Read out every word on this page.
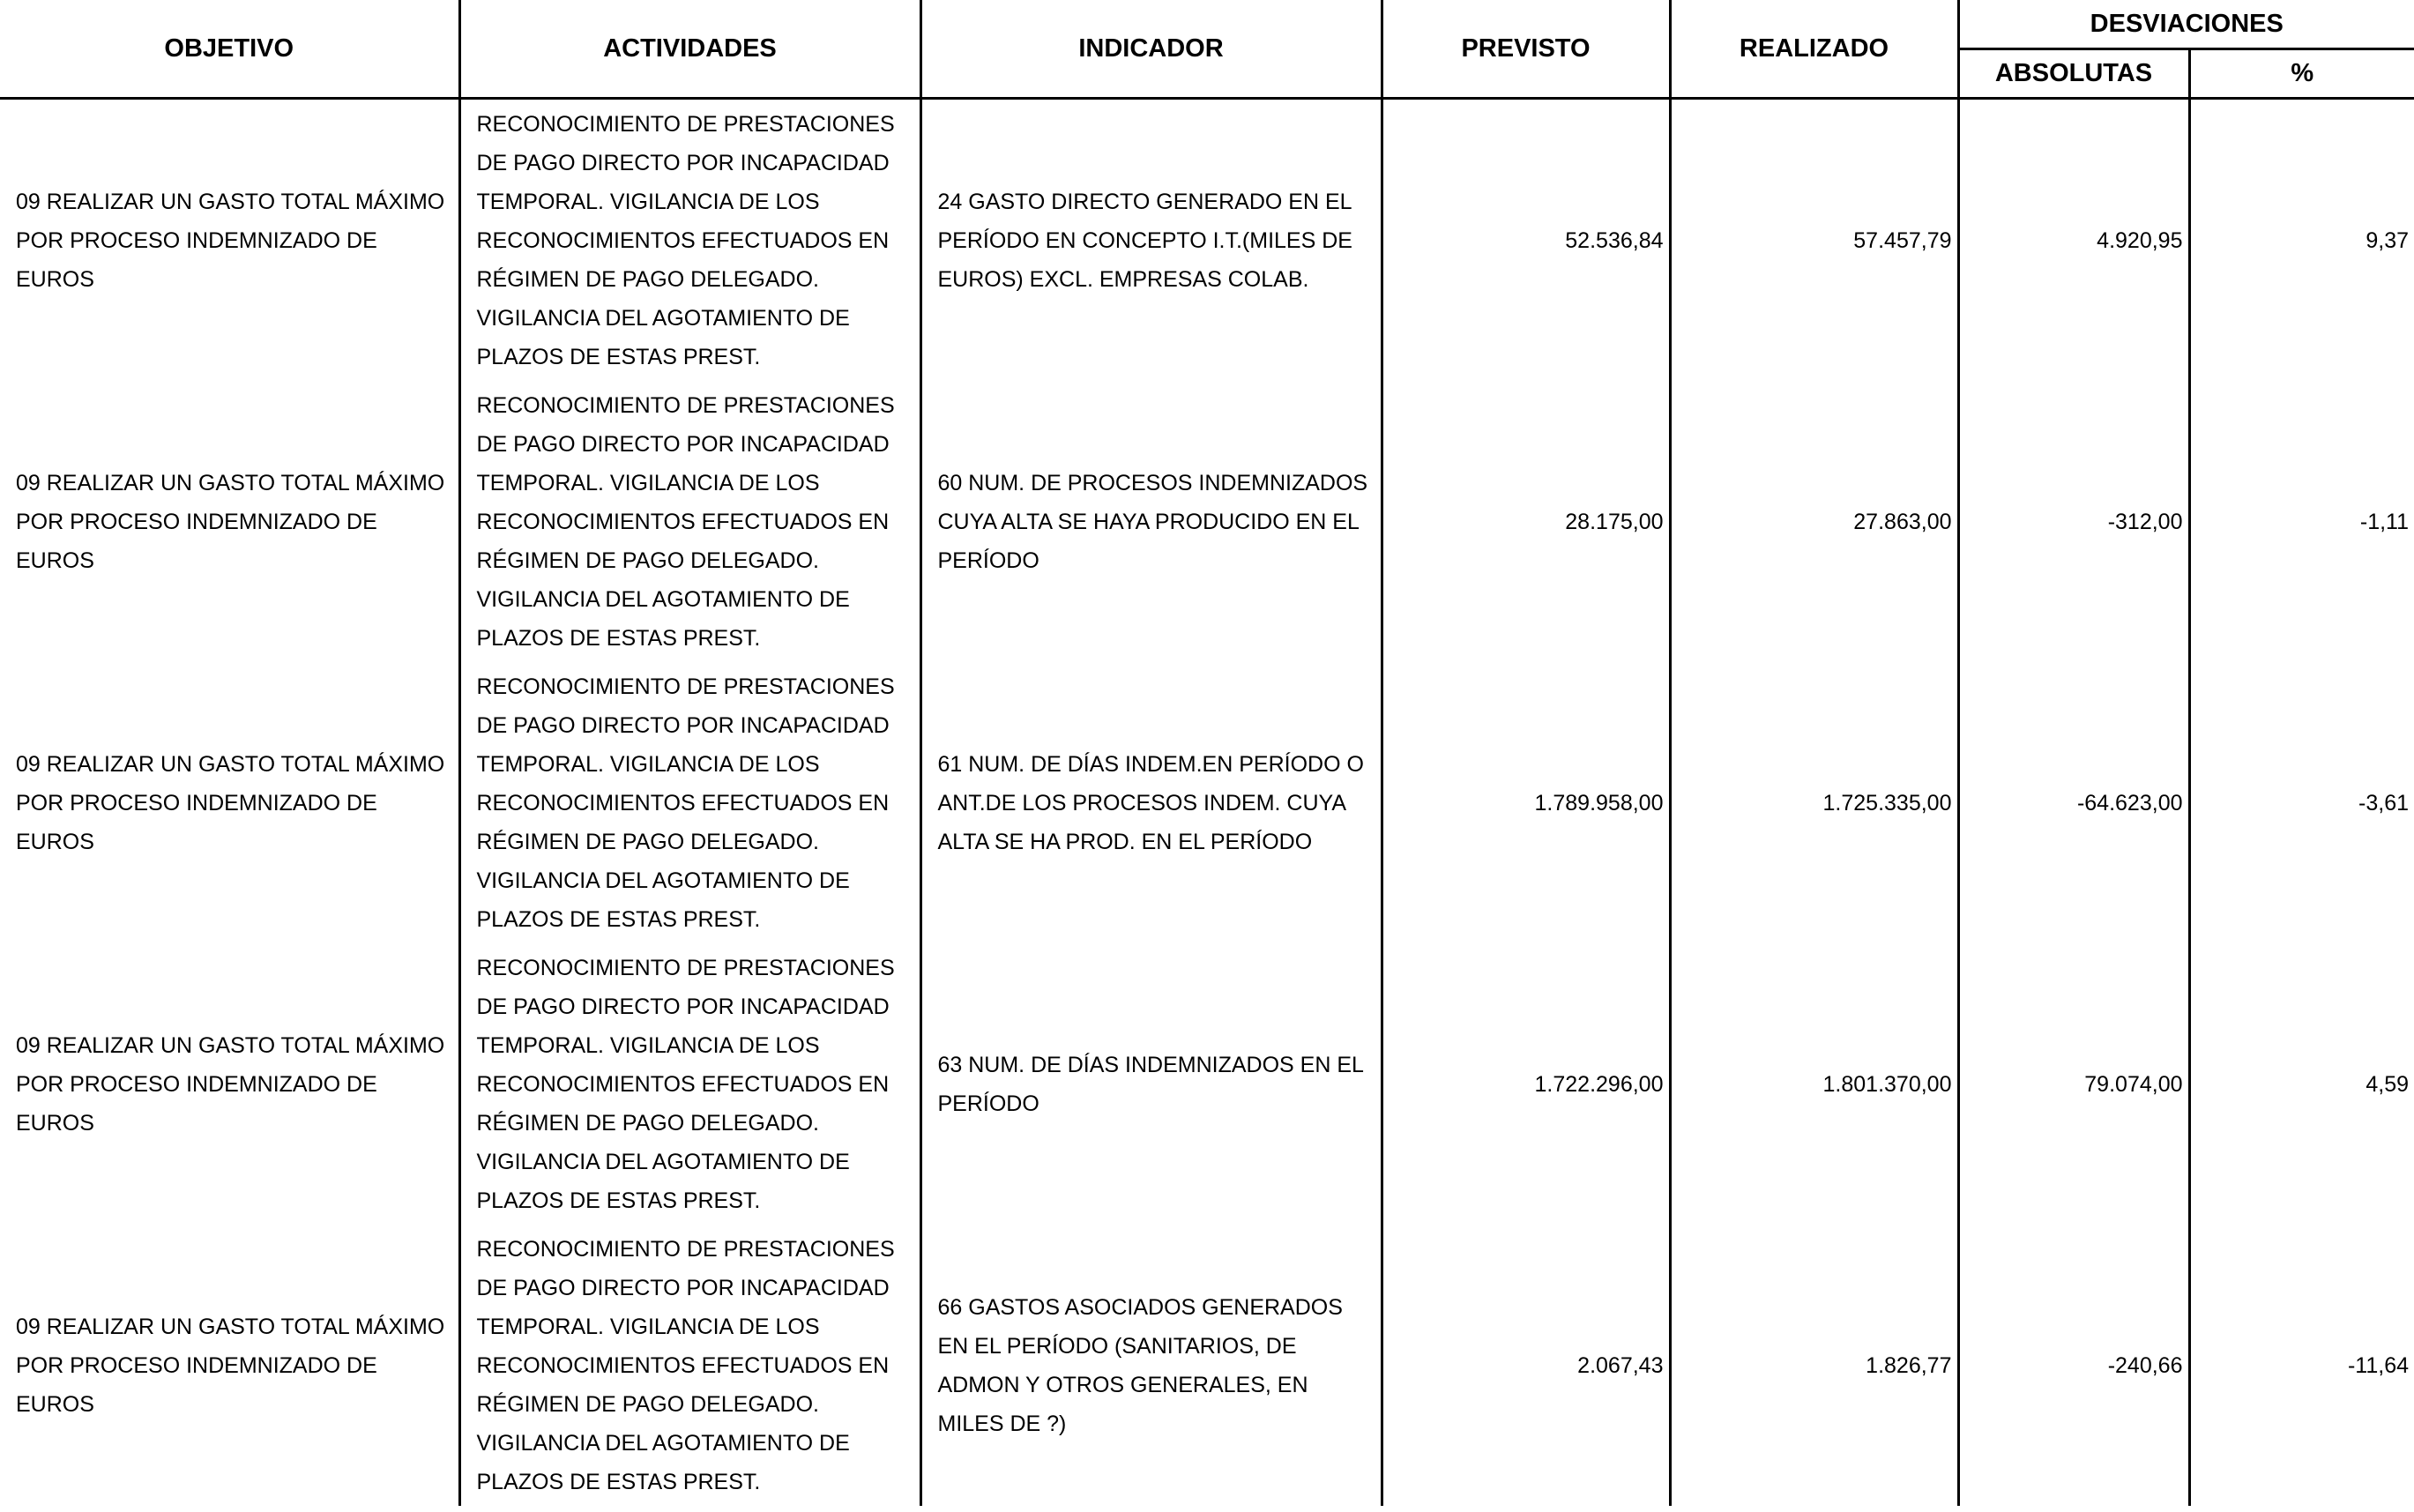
OBJETIVO	ACTIVIDADES	INDICADOR	PREVISTO	REALIZADO	DESVIACIONES	
					ABSOLUTAS	%

09 REALIZAR UN GASTO TOTAL MÁXIMO POR PROCESO INDEMNIZADO DE EUROS	RECONOCIMIENTO DE PRESTACIONES DE PAGO DIRECTO POR INCAPACIDAD TEMPORAL. VIGILANCIA DE LOS RECONOCIMIENTOS EFECTUADOS EN RÉGIMEN DE PAGO DELEGADO. VIGILANCIA DEL AGOTAMIENTO DE PLAZOS DE ESTAS PREST.	24 GASTO DIRECTO GENERADO EN EL PERÍODO EN CONCEPTO I.T.(MILES DE EUROS) EXCL. EMPRESAS COLAB.	52.536,84	57.457,79	4.920,95	9,37

09 REALIZAR UN GASTO TOTAL MÁXIMO POR PROCESO INDEMNIZADO DE EUROS	RECONOCIMIENTO DE PRESTACIONES DE PAGO DIRECTO POR INCAPACIDAD TEMPORAL. VIGILANCIA DE LOS RECONOCIMIENTOS EFECTUADOS EN RÉGIMEN DE PAGO DELEGADO. VIGILANCIA DEL AGOTAMIENTO DE PLAZOS DE ESTAS PREST.	60 NUM. DE PROCESOS INDEMNIZADOS CUYA ALTA SE HAYA PRODUCIDO EN EL PERÍODO	28.175,00	27.863,00	-312,00	-1,11

09 REALIZAR UN GASTO TOTAL MÁXIMO POR PROCESO INDEMNIZADO DE EUROS	RECONOCIMIENTO DE PRESTACIONES DE PAGO DIRECTO POR INCAPACIDAD TEMPORAL. VIGILANCIA DE LOS RECONOCIMIENTOS EFECTUADOS EN RÉGIMEN DE PAGO DELEGADO. VIGILANCIA DEL AGOTAMIENTO DE PLAZOS DE ESTAS PREST.	61 NUM. DE DÍAS INDEM.EN PERÍODO O ANT.DE LOS PROCESOS INDEM. CUYA ALTA SE HA PROD. EN EL PERÍODO	1.789.958,00	1.725.335,00	-64.623,00	-3,61

09 REALIZAR UN GASTO TOTAL MÁXIMO POR PROCESO INDEMNIZADO DE EUROS	RECONOCIMIENTO DE PRESTACIONES DE PAGO DIRECTO POR INCAPACIDAD TEMPORAL. VIGILANCIA DE LOS RECONOCIMIENTOS EFECTUADOS EN RÉGIMEN DE PAGO DELEGADO. VIGILANCIA DEL AGOTAMIENTO DE PLAZOS DE ESTAS PREST.	63 NUM. DE DÍAS INDEMNIZADOS EN EL PERÍODO	1.722.296,00	1.801.370,00	79.074,00	4,59

09 REALIZAR UN GASTO TOTAL MÁXIMO POR PROCESO INDEMNIZADO DE EUROS	RECONOCIMIENTO DE PRESTACIONES DE PAGO DIRECTO POR INCAPACIDAD TEMPORAL. VIGILANCIA DE LOS RECONOCIMIENTOS EFECTUADOS EN RÉGIMEN DE PAGO DELEGADO. VIGILANCIA DEL AGOTAMIENTO DE PLAZOS DE ESTAS PREST.	66 GASTOS ASOCIADOS GENERADOS EN EL PERÍODO (SANITARIOS, DE ADMON Y OTROS GENERALES, EN MILES DE ?)	2.067,43	1.826,77	-240,66	-11,64
